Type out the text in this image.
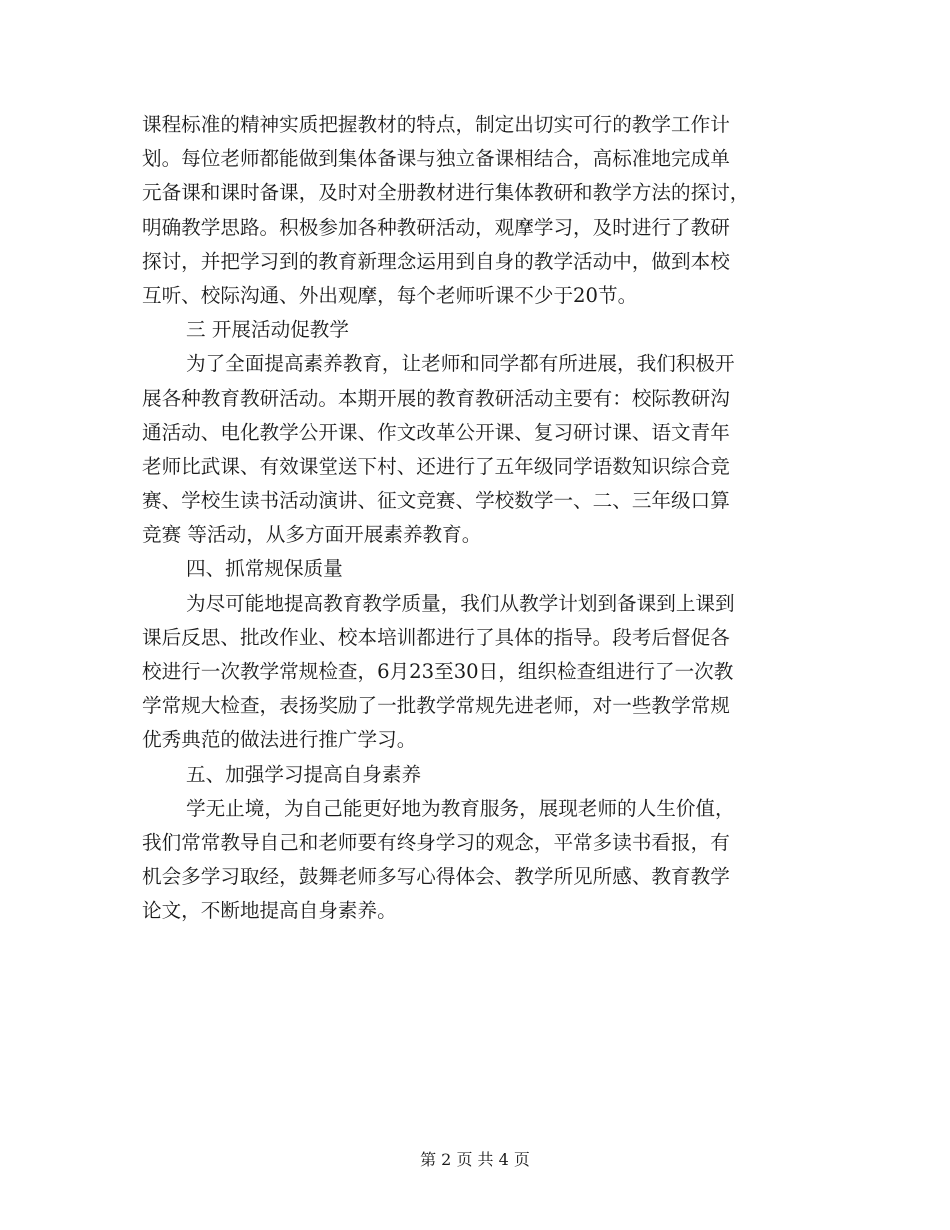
课程标准的精神实质把握教材的特点，制定出切实可行的教学工作计
划。每位老师都能做到集体备课与独立备课相结合，高标准地完成单
元备课和课时备课，及时对全册教材进行集体教研和教学方法的探讨，
明确教学思路。积极参加各种教研活动，观摩学习，及时进行了教研
探讨，并把学习到的教育新理念运用到自身的教学活动中，做到本校
互听、校际沟通、外出观摩，每个老师听课不少于20节。
三 开展活动促教学
为了全面提高素养教育，让老师和同学都有所进展，我们积极开
展各种教育教研活动。本期开展的教育教研活动主要有：校际教研沟
通活动、电化教学公开课、作文改革公开课、复习研讨课、语文青年
老师比武课、有效课堂送下村、还进行了五年级同学语数知识综合竞
赛、学校生读书活动演讲、征文竞赛、学校数学一、二、三年级口算
竞赛 等活动，从多方面开展素养教育。
四、抓常规保质量
为尽可能地提高教育教学质量，我们从教学计划到备课到上课到
课后反思、批改作业、校本培训都进行了具体的指导。段考后督促各
校进行一次教学常规检查，6月23至30日，组织检查组进行了一次教
学常规大检查，表扬奖励了一批教学常规先进老师，对一些教学常规
优秀典范的做法进行推广学习。
五、加强学习提高自身素养
学无止境，为自己能更好地为教育服务，展现老师的人生价值，
我们常常教导自己和老师要有终身学习的观念，平常多读书看报，有
机会多学习取经，鼓舞老师多写心得体会、教学所见所感、教育教学
论文，不断地提高自身素养。
第 2 页 共 4 页
